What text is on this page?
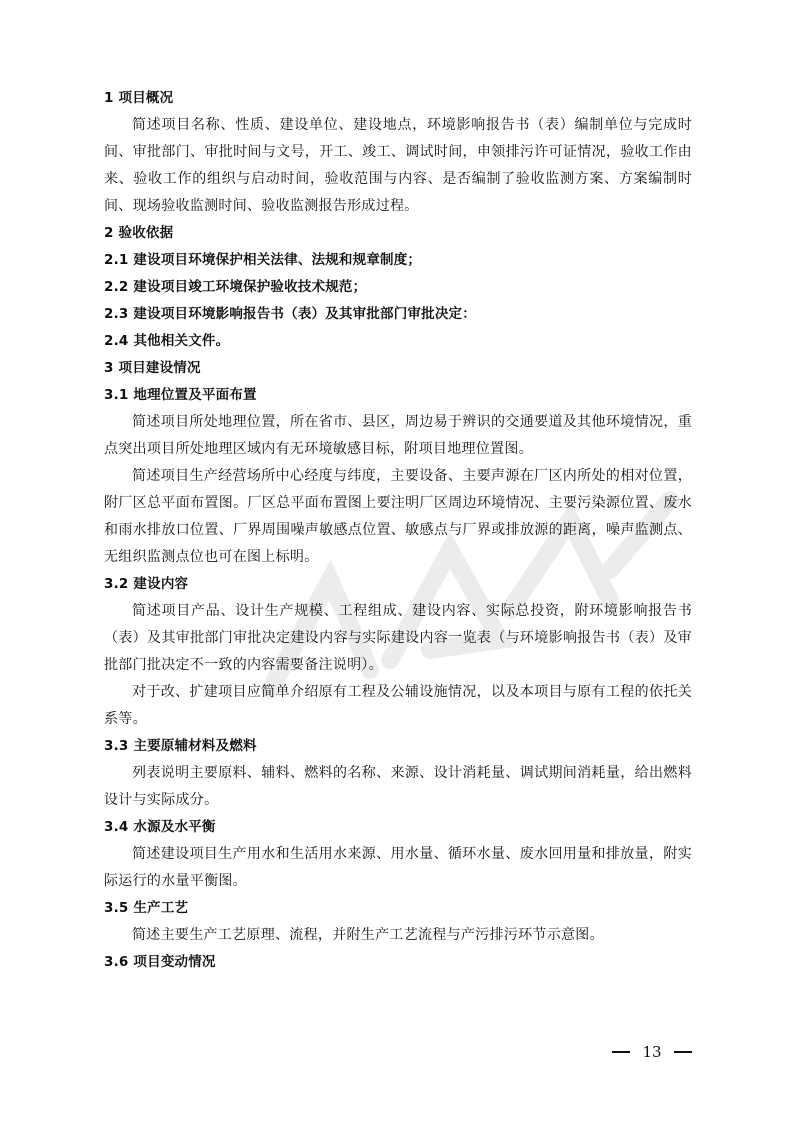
1 项目概况
简述项目名称、性质、建设单位、建设地点，环境影响报告书（表）编制单位与完成时间、审批部门、审批时间与文号，开工、竣工、调试时间，申领排污许可证情况，验收工作由来、验收工作的组织与启动时间，验收范围与内容、是否编制了验收监测方案、方案编制时间、现场验收监测时间、验收监测报告形成过程。
2 验收依据
2.1 建设项目环境保护相关法律、法规和规章制度；
2.2 建设项目竣工环境保护验收技术规范；
2.3 建设项目环境影响报告书（表）及其审批部门审批决定：
2.4 其他相关文件。
3 项目建设情况
3.1 地理位置及平面布置
简述项目所处地理位置，所在省市、县区，周边易于辨识的交通要道及其他环境情况，重点突出项目所处地理区域内有无环境敏感目标，附项目地理位置图。
简述项目生产经营场所中心经度与纬度，主要设备、主要声源在厂区内所处的相对位置，附厂区总平面布置图。厂区总平面布置图上要注明厂区周边环境情况、主要污染源位置、废水和雨水排放口位置、厂界周围噪声敏感点位置、敏感点与厂界或排放源的距离，噪声监测点、无组织监测点位也可在图上标明。
3.2 建设内容
简述项目产品、设计生产规模、工程组成、建设内容、实际总投资，附环境影响报告书（表）及其审批部门审批决定建设内容与实际建设内容一览表（与环境影响报告书（表）及审批部门批决定不一致的内容需要备注说明）。
对于改、扩建项目应简单介绍原有工程及公辅设施情况，以及本项目与原有工程的依托关系等。
3.3 主要原辅材料及燃料
列表说明主要原料、辅料、燃料的名称、来源、设计消耗量、调试期间消耗量，给出燃料设计与实际成分。
3.4 水源及水平衡
简述建设项目生产用水和生活用水来源、用水量、循环水量、废水回用量和排放量，附实际运行的水量平衡图。
3.5 生产工艺
简述主要生产工艺原理、流程，并附生产工艺流程与产污排污环节示意图。
3.6 项目变动情况
13
